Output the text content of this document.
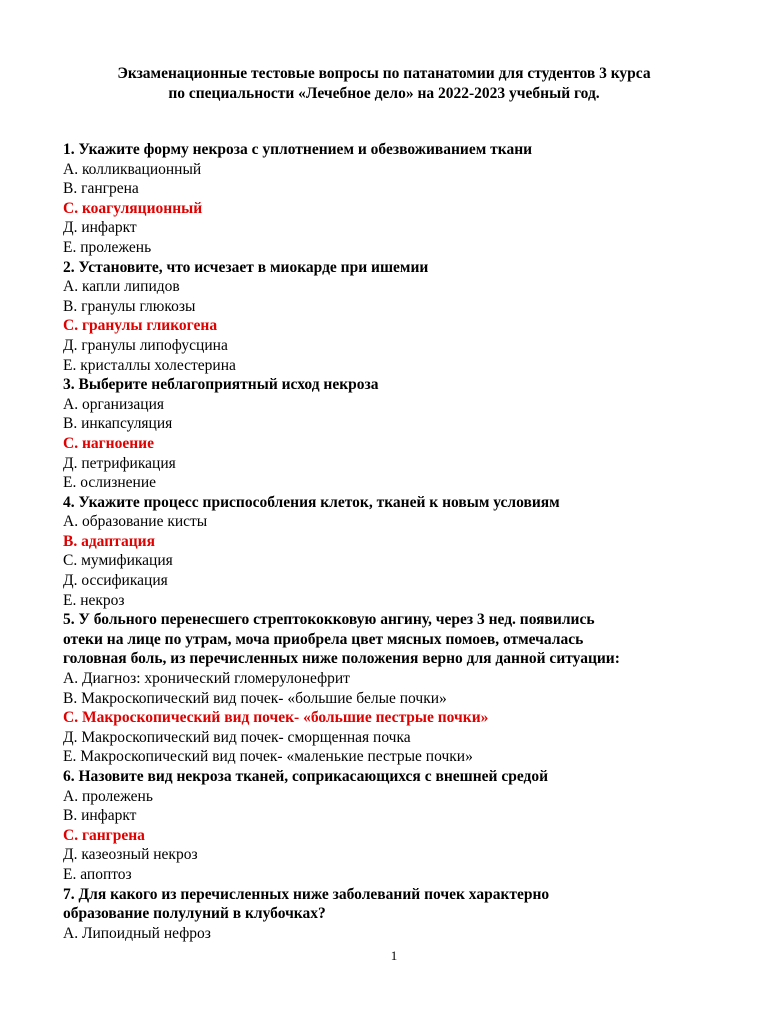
Экзаменационные тестовые вопросы по патанатомии для студентов 3 курса
по специальности «Лечебное дело» на 2022-2023 учебный год.
1. Укажите форму некроза с уплотнением и обезвоживанием ткани
А. колликвационный
В. гангрена
С. коагуляционный
Д. инфаркт
Е. пролежень
2. Установите, что исчезает в миокарде при ишемии
А. капли липидов
В. гранулы глюкозы
С. гранулы гликогена
Д. гранулы липофусцина
Е. кристаллы холестерина
3. Выберите неблагоприятный исход некроза
А. организация
В. инкапсуляция
С. нагноение
Д. петрификация
Е. ослизнение
4. Укажите процесс приспособления клеток, тканей к новым условиям
А. образование кисты
В. адаптация
С. мумификация
Д. оссификация
Е. некроз
5. У больного перенесшего стрептококковую ангину, через 3 нед. появились
отеки на лице по утрам, моча приобрела цвет мясных помоев, отмечалась
головная боль, из перечисленных ниже положения верно для данной ситуации:
А. Диагноз: хронический гломерулонефрит
В. Макроскопический вид почек- «большие белые почки»
С. Макроскопический вид почек- «большие пестрые почки»
Д. Макроскопический вид почек- сморщенная почка
Е. Макроскопический вид почек- «маленькие пестрые почки»
6. Назовите вид некроза тканей, соприкасающихся с внешней средой
А. пролежень
В. инфаркт
С. гангрена
Д. казеозный некроз
Е. апоптоз
7. Для какого из перечисленных ниже заболеваний почек характерно
образование полулуний в клубочках?
А. Липоидный нефроз
1
